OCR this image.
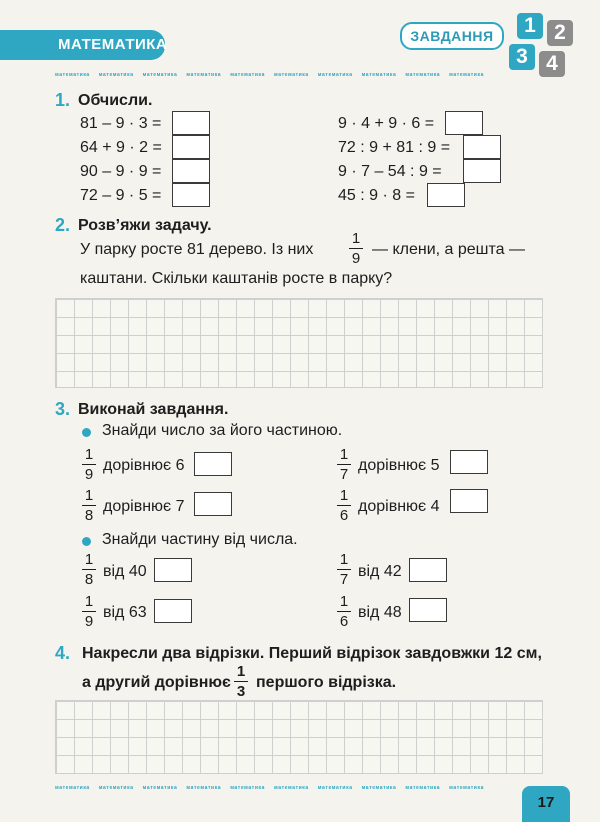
МАТЕМАТИКА	ЗАВДАННЯ	2
4
1
3
математика математика математика математика математика математика математика математика математика математика
1. Обчисли.
81 – 9 · 3 =
64 + 9 · 2 =
90 – 9 · 9 =
72 – 9 · 5 =
9 · 4 + 9 · 6 =
72 : 9 + 81 : 9 =
9 · 7 – 54 : 9 =
45 : 9 · 8 =
2. Розв’яжи задачу.
У парку росте 81 дерево. Із них
1
9
— клени, а решта —
каштани. Скільки каштанів росте в парку?
3. Виконай завдання.
Знайди число за його частиною.
1
9
дорівнює 6
1
7
дорівнює 5
1
8
дорівнює 7
1
6
дорівнює 4
Знайди частину від числа.
1
8 від 40
1
7 від 42
1
9
від 63
1
6
від 48
4. Накресли два відрізки. Перший відрізок завдовжки 12 см,
а другий дорівнює
1
3
першого відрізка.
математика математика математика математика математика математика математика математика математика математика
17
